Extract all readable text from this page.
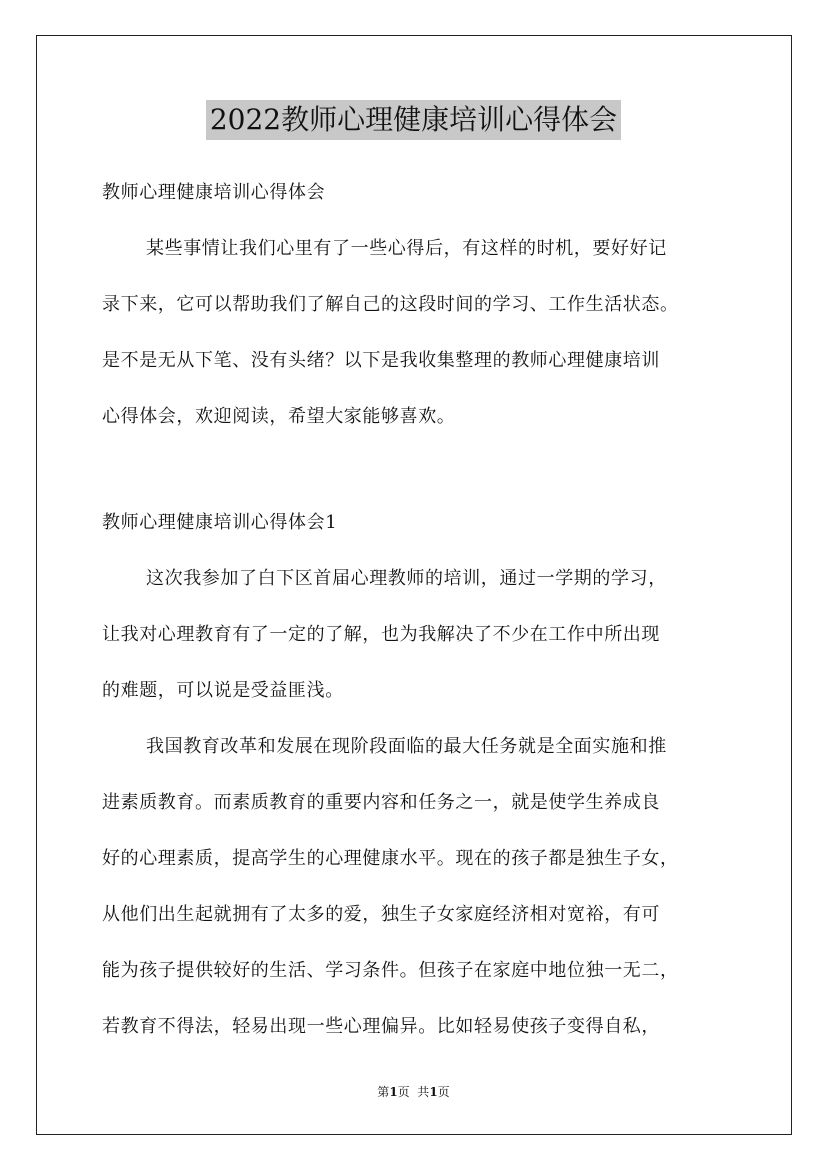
2022教师心理健康培训心得体会
教师心理健康培训心得体会
某些事情让我们心里有了一些心得后，有这样的时机，要好好记
录下来，它可以帮助我们了解自己的这段时间的学习、工作生活状态。
是不是无从下笔、没有头绪？以下是我收集整理的教师心理健康培训
心得体会，欢迎阅读，希望大家能够喜欢。
教师心理健康培训心得体会1
这次我参加了白下区首届心理教师的培训，通过一学期的学习，
让我对心理教育有了一定的了解，也为我解决了不少在工作中所出现
的难题，可以说是受益匪浅。
我国教育改革和发展在现阶段面临的最大任务就是全面实施和推
进素质教育。而素质教育的重要内容和任务之一，就是使学生养成良
好的心理素质，提高学生的心理健康水平。现在的孩子都是独生子女，
从他们出生起就拥有了太多的爱，独生子女家庭经济相对宽裕，有可
能为孩子提供较好的生活、学习条件。但孩子在家庭中地位独一无二，
若教育不得法，轻易出现一些心理偏异。比如轻易使孩子变得自私，
第1页  共1页
